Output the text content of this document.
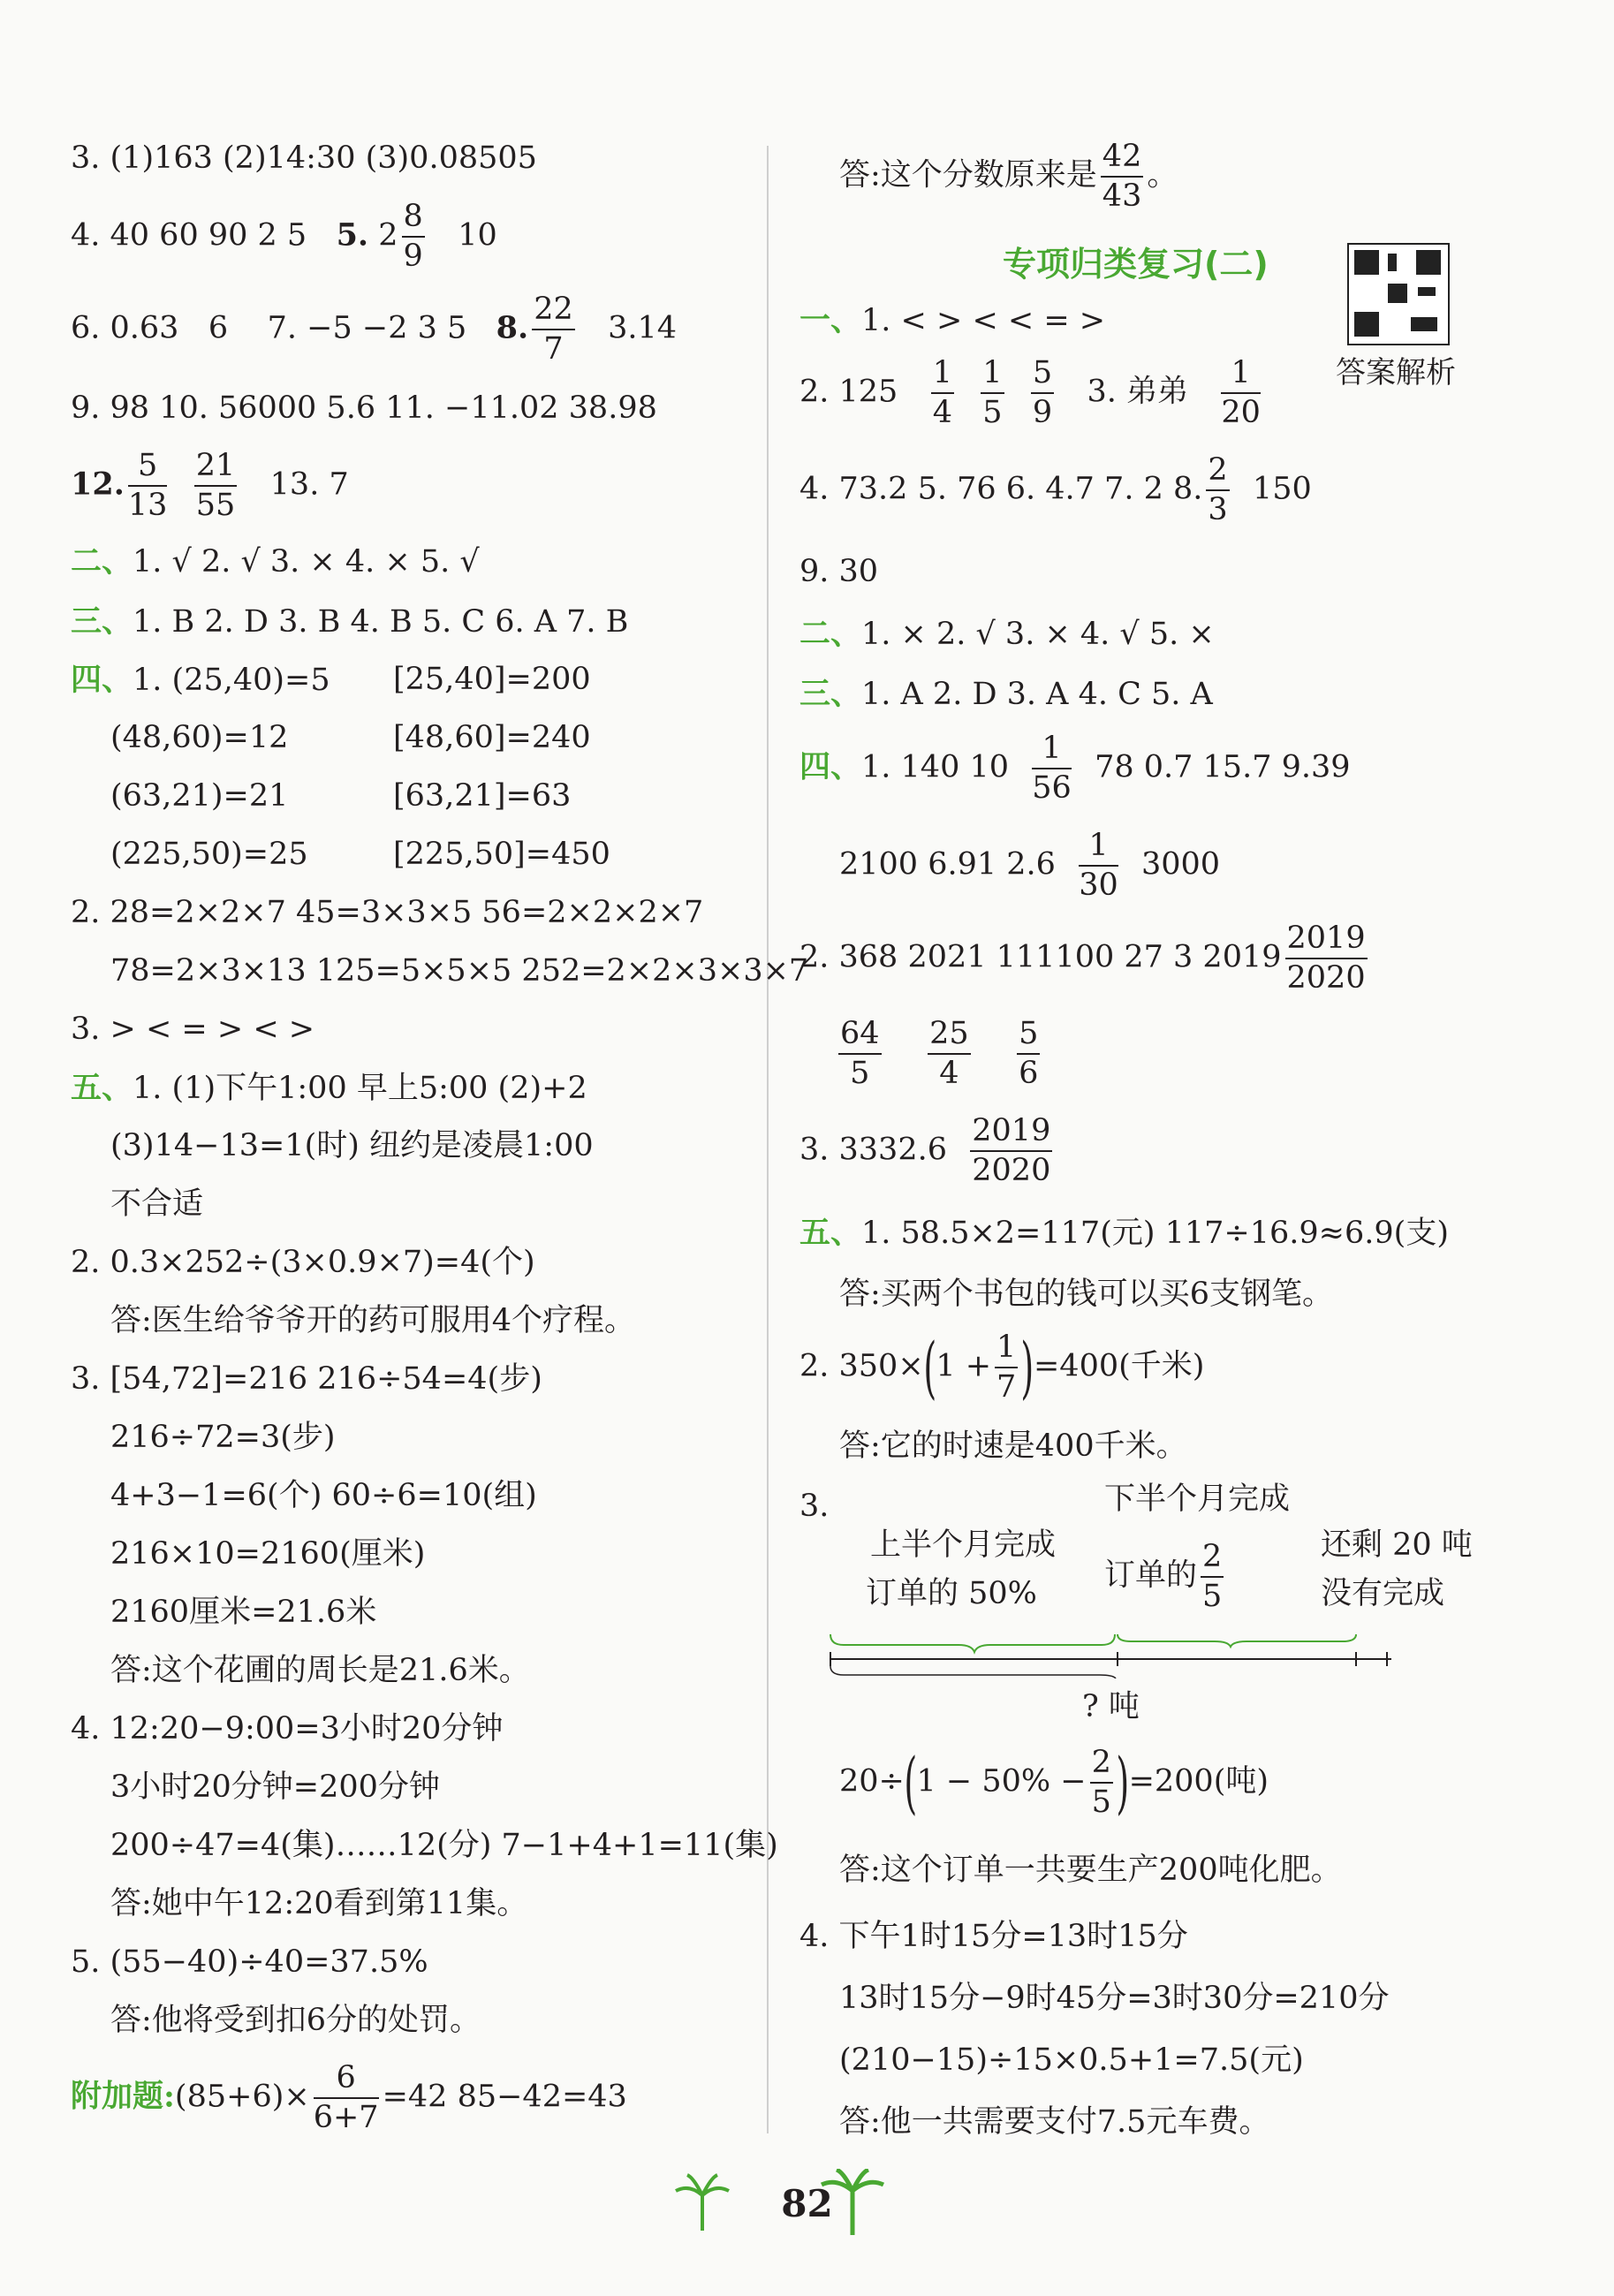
3. (1)163 (2)14:30 (3)0.08505
4. 40 60 90 2 5 5. $2 \frac{8}{9} 10$
6. 0.63 6 7. −5 −2 3 5 8. $\frac{22}{7} 3.14$
9. 98 10. 56000 5.6 11. −11.02 38.98
12. $\frac{5}{13}$
$\frac{21}{55} 13$. 7
二、1. √ 2. √ 3. × 4. × 5. √
三、1. B 2. D 3. B 4. B 5. C 6. A 7. B
四、1. (25,40)=5 [25,40]=200
(48,60)=12	[48,60]=240
(63,21)=21	[63,21]=63
(225,50)=25	[225,50]=450
2. 28=2×2×7 45=3×3×5 56=2×2×2×7
78=2×3×13 125=5×5×5 252=2×2×3×3×7
3. > < = > < >
五、1. (1)下午1:00 早上5:00 (2)+2
(3)14−13=1(时) 纽约是凌晨1:00
不合适
2. 0.3×252÷(3×0.9×7)=4(个)
答:医生给爷爷开的药可服用4个疗程。
3. [54,72]=216 216÷54=4(步)
216÷72=3(步)
4+3−1=6(个) 60÷6=10(组)
216×10=2160(厘米)
2160厘米=21.6米
答:这个花圃的周长是21.6米。
4. 12:20−9:00=3小时20分钟
3小时20分钟=200分钟
200÷47=4(集)……12(分) 7−1+4+1=11(集)
答:她中午12:20看到第11集。
5. (55−40)÷40=37.5%
答:他将受到扣6分的处罚。
附加题:(85+6)× $\frac{6}{6+7} =42$ 85−42=43
答:这个分数原来是 $\frac{42}{43}$ 。
专项归类复习(二)
答案解析
一、1. < > < < = >
2. $125 \frac{1}{4}$
$\frac{1}{5}$
$\frac{5}{9} 3$. 弟弟 $\frac{1}{20}$
4. 73.2 5. 76 6. 4.7 7. 2 8. $\frac{2}{3} 150$
9. 30
二、1. × 2. √ 3. × 4. √ 5. ×
三、1. A 2. D 3. A 4. C 5. A
四、1. 140 $10 \frac{1}{56} 78$ 0.7 15.7 9.39
2100 6.91 $2.6 \frac{1}{30} 3000$
2. 368 2021 111100 27 3 $2019 \frac{2019}{2020}$
$\frac{64}{5}$
$\frac{25}{4}$
$\frac{5}{6}$
3. $3332.6 \frac{2019}{2020}$
五、1. 58.5×2=117(元) 117÷16.9≈6.9(支)
答:买两个书包的钱可以买6支钢笔。
2. $350\times(1 + \frac{1}{7} )=400$(千米)
答:它的时速是400千米。
3.	下半个月完成
上半个月完成
订单的 50%
订单的 $\frac{2}{5}$	还剩 20 吨
没有完成
? 吨
$20\div(1 - 50\% - \frac{2}{5} )=200$(吨)
答:这个订单一共要生产200吨化肥。
4. 下午1时15分=13时15分
13时15分−9时45分=3时30分=210分
(210−15)÷15×0.5+1=7.5(元)
答:他一共需要支付7.5元车费。
82
